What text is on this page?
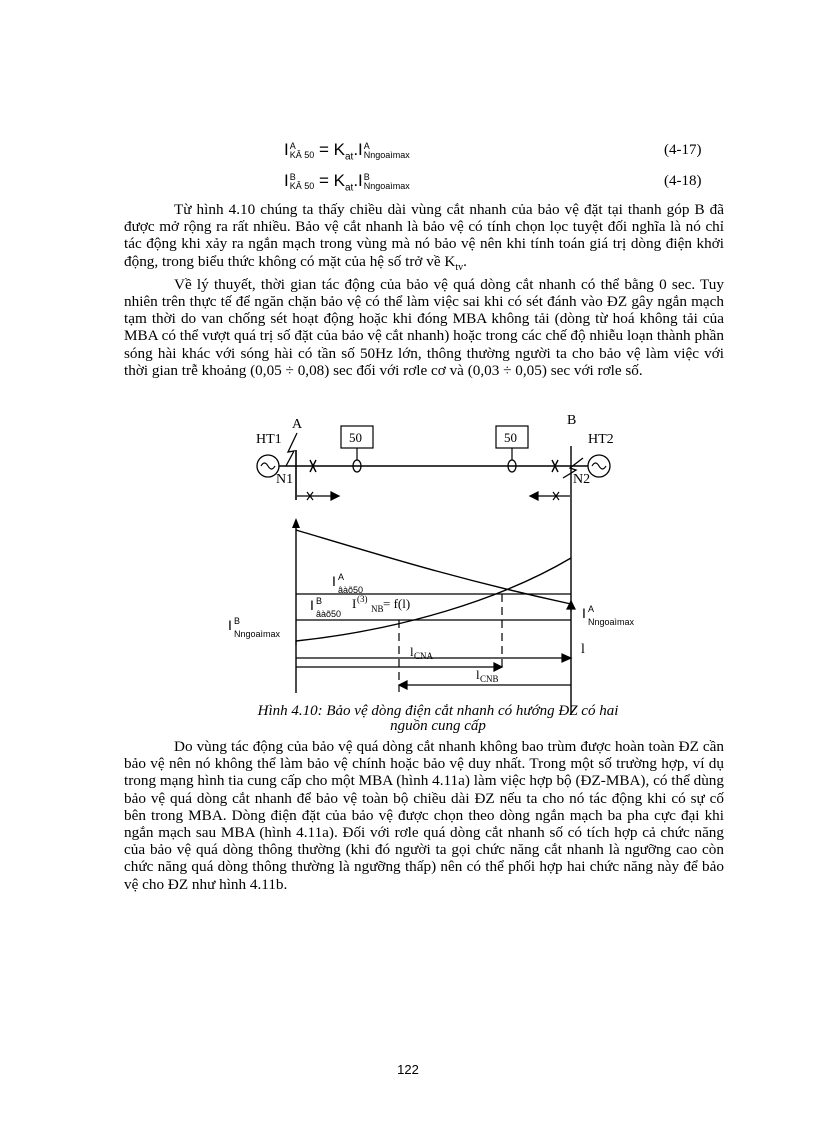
I A
KÂ $50 = K_{at}.I$ A
Nngoaìmax	(4-17)
I B
KÂ $50 = K_{at}.I$ B
Nngoaìmax	(4-18)

Từ hình 4.10 chúng ta thấy chiều dài vùng cắt nhanh của bảo vệ đặt tại thanh góp B đã được mở rộng ra rất nhiều. Bảo vệ cắt nhanh là bảo vệ có tính chọn lọc tuyệt đối nghĩa là nó chỉ tác động khi xảy ra ngắn mạch trong vùng mà nó bảo vệ nên khi tính toán giá trị dòng điện khởi động, trong biểu thức không có mặt của hệ số trở về $K_{tv}$.

Về lý thuyết, thời gian tác động của bảo vệ quá dòng cắt nhanh có thể bằng 0 sec. Tuy nhiên trên thực tế để ngăn chặn bảo vệ có thể làm việc sai khi có sét đánh vào ĐZ gây ngắn mạch tạm thời do van chống sét hoạt động hoặc khi đóng MBA không tải (dòng từ hoá không tải của MBA có thể vượt quá trị số đặt của bảo vệ cắt nhanh) hoặc trong các chế độ nhiễu loạn thành phần sóng hài khác với sóng hài có tần số 50Hz lớn, thông thường người ta cho bảo vệ làm việc với thời gian trễ khoảng (0,05 ÷ 0,08) sec đối với rơle cơ và (0,03 ÷ 0,05) sec với rơle số.

A	B
HT1	HT2
N1	N2
50	50
I A
âàõ50
I B
âàõ50
I (3)
NB = f(l)
I B
Nngoaìmax
I A
Nngoaìmax
l CNA
l CNB
l
Hình 4.10: Bảo vệ dòng điện cắt nhanh có hướng ĐZ có hai
nguồn cung cấp

Do vùng tác động của bảo vệ quá dòng cắt nhanh không bao trùm được hoàn toàn ĐZ cần bảo vệ nên nó không thể làm bảo vệ chính hoặc bảo vệ duy nhất. Trong một số trường hợp, ví dụ trong mạng hình tia cung cấp cho một MBA (hình 4.11a) làm việc hợp bộ (ĐZ-MBA), có thể dùng bảo vệ quá dòng cắt nhanh để bảo vệ toàn bộ chiều dài ĐZ nếu ta cho nó tác động khi có sự cố bên trong MBA. Dòng điện đặt của bảo vệ được chọn theo dòng ngắn mạch ba pha cực đại khi ngắn mạch sau MBA (hình 4.11a). Đối với rơle quá dòng cắt nhanh số có tích hợp cả chức năng của bảo vệ quá dòng thông thường (khi đó người ta gọi chức năng cắt nhanh là ngưỡng cao còn chức năng quá dòng thông thường là ngưỡng thấp) nên có thể phối hợp hai chức năng này để bảo vệ cho ĐZ như hình 4.11b.

122
